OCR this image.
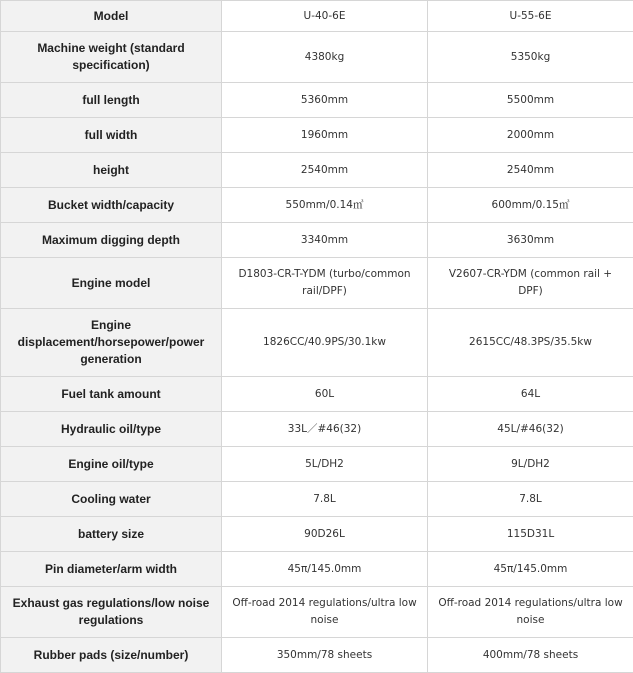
Model	U-40-6E	U-55-6E
Machine weight (standard specification)	4380kg	5350kg
full length	5360mm	5500mm
full width	1960mm	2000mm
height	2540mm	2540mm
Bucket width/capacity	550mm/0.14㎥	600mm/0.15㎥
Maximum digging depth	3340mm	3630mm
Engine model	D1803-CR-T-YDM (turbo/common rail/DPF)	V2607-CR-YDM (common rail + DPF)
Engine displacement/horsepower/power generation	1826CC/40.9PS/30.1kw	2615CC/48.3PS/35.5kw
Fuel tank amount	60L	64L
Hydraulic oil/type	33L／#46(32)	45L/#46(32)
Engine oil/type	5L/DH2	9L/DH2
Cooling water	7.8L	7.8L
battery size	90D26L	115D31L
Pin diameter/arm width	45π/145.0mm	45π/145.0mm
Exhaust gas regulations/low noise regulations	Off-road 2014 regulations/ultra low noise	Off-road 2014 regulations/ultra low noise
Rubber pads (size/number)	350mm/78 sheets	400mm/78 sheets
